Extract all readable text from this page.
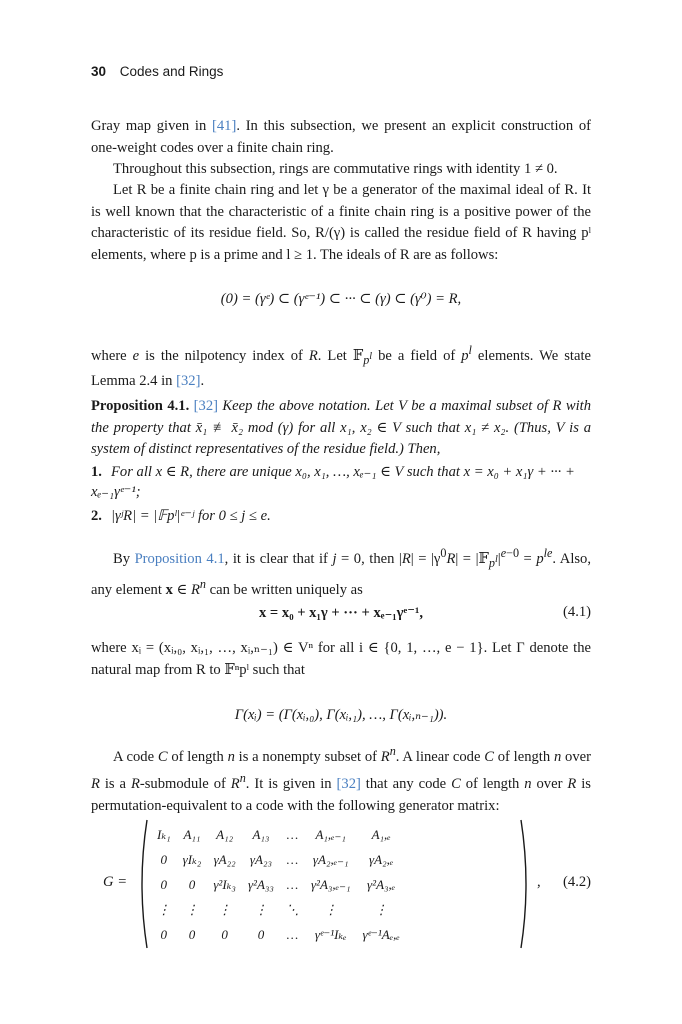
30 Codes and Rings
Gray map given in [41]. In this subsection, we present an explicit construction of one-weight codes over a finite chain ring.
Throughout this subsection, rings are commutative rings with identity 1 ≠ 0.
Let R be a finite chain ring and let γ be a generator of the maximal ideal of R. It is well known that the characteristic of a finite chain ring is a positive power of the characteristic of its residue field. So, R/(γ) is called the residue field of R having pˡ elements, where p is a prime and l ≥ 1. The ideals of R are as follows:
(0) = (γᵉ) ⊂ (γᵉ⁻¹) ⊂ ··· ⊂ (γ) ⊂ (γ⁰) = R,
where e is the nilpotency index of R. Let 𝔽$_{p^l}$ be a field of $p^l$ elements. We state Lemma 2.4 in [32].
Proposition 4.1. [32] Keep the above notation. Let V be a maximal subset of R with the property that x̄₁ ≢ x̄₂ mod (γ) for all x₁, x₂ ∈ V such that x₁ ≠ x₂. (Thus, V is a system of distinct representatives of the residue field.) Then,
1. For all x ∈ R, there are unique x₀, x₁, …, xₑ₋₁ ∈ V such that x = x₀ + x₁γ + ··· + xₑ₋₁γᵉ⁻¹;
2. |γʲR| = |𝔽pˡ|ᵉ⁻ʲ for 0 ≤ j ≤ e.
By Proposition 4.1, it is clear that if j = 0, then $|R| = |\gamma^0R|$ = $|𝔽_{p^l}|^{e-0} = p^{le}$. Also, any element x ∈ $R^n$ can be written uniquely as
x = x₀ + x₁γ + ··· + xₑ₋₁γᵉ⁻¹,	(4.1)
where xᵢ = (xᵢ,₀, xᵢ,₁, …, xᵢ,ₙ₋₁) ∈ Vⁿ for all i ∈ {0, 1, …, e − 1}. Let Γ denote the natural map from R to 𝔽ⁿpˡ such that
Γ(xᵢ) = (Γ(xᵢ,₀), Γ(xᵢ,₁), …, Γ(xᵢ,ₙ₋₁)).
A code C of length n is a nonempty subset of $R^n$. A linear code C of length n over R is a R-submodule of $R^n$. It is given in [32] that any code C of length n over R is permutation-equivalent to a code with the following generator matrix:
G =
Iₖ₁	A₁₁	A₁₂	A₁₃	…	A₁,ₑ₋₁	A₁,ₑ
0	γIₖ₂	γA₂₂	γA₂₃	…	γA₂,ₑ₋₁	γA₂,ₑ
0	0	γ²Iₖ₃	γ²A₃₃	…	γ²A₃,ₑ₋₁	γ²A₃,ₑ
⋮	⋮	⋮	⋮	⋱	⋮	⋮
0	0	0	0	…	γᵉ⁻¹Iₖₑ	γᵉ⁻¹Aₑ,ₑ
, (4.2)
